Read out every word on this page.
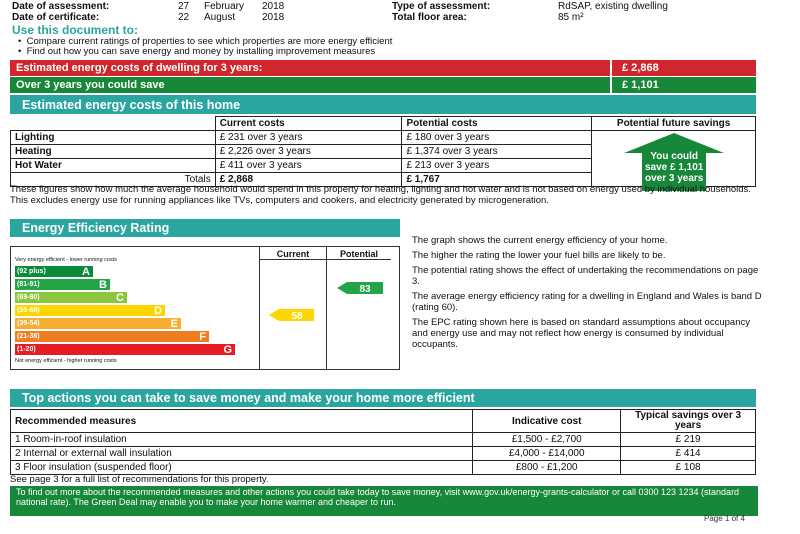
Date of assessment:	27 February 2018
Date of certificate:	22 August	2018
Type of assessment:	RdSAP, existing dwelling
Total floor area:	85 m²
Use this document to:
•  Compare current ratings of properties to see which properties are more energy efficient
•  Find out how you can save energy and money by installing improvement measures
Estimated energy costs of dwelling for 3 years:	£ 2,868
Over 3 years you could save	£ 1,101
Estimated energy costs of this home
	Current costs	Potential costs	Potential future savings
Lighting	£ 231 over 3 years	£ 180 over 3 years	You could
save £ 1,101
over 3 years

Heating	£ 2,226 over 3 years	£ 1,374 over 3 years	
Hot Water	£ 411 over 3 years	£ 213 over 3 years	
Totals	£ 2,868	£ 1,767	
These figures show how much the average household would spend in this property for heating, lighting and hot water and is not based on energy used by individual households. This excludes energy use for running appliances like TVs, computers and cookers, and electricity generated by microgeneration.
Energy Efficiency Rating
Very energy efficient - lower running costs
Not energy efficient - higher running costs
Current	Potential
(92 plus)	A
(81-91)	B
(69-80)	C
(55-68)	D
(39-54)	E
(21-38)	F
(1-20)	G
58
83
The graph shows the current energy efficiency of your home.
The higher the rating the lower your fuel bills are likely to be.
The potential rating shows the effect of undertaking the recommendations on page 3.
The average energy efficiency rating for a dwelling in England and Wales is band D (rating 60).
The EPC rating shown here is based on standard assumptions about occupancy and energy use and may not reflect how energy is consumed by individual occupants.
Top actions you can take to save money and make your home more efficient
Recommended measures	Indicative cost	Typical savings over 3 years
1 Room-in-roof insulation	£1,500 - £2,700	£ 219
2 Internal or external wall insulation	£4,000 - £14,000	£ 414
3 Floor insulation (suspended floor)	£800 - £1,200	£ 108
See page 3 for a full list of recommendations for this property.
To find out more about the recommended measures and other actions you could take today to save money, visit www.gov.uk/energy-grants-calculator or call 0300 123 1234 (standard national rate). The Green Deal may enable you to make your home warmer and cheaper to run.
Page 1 of 4
